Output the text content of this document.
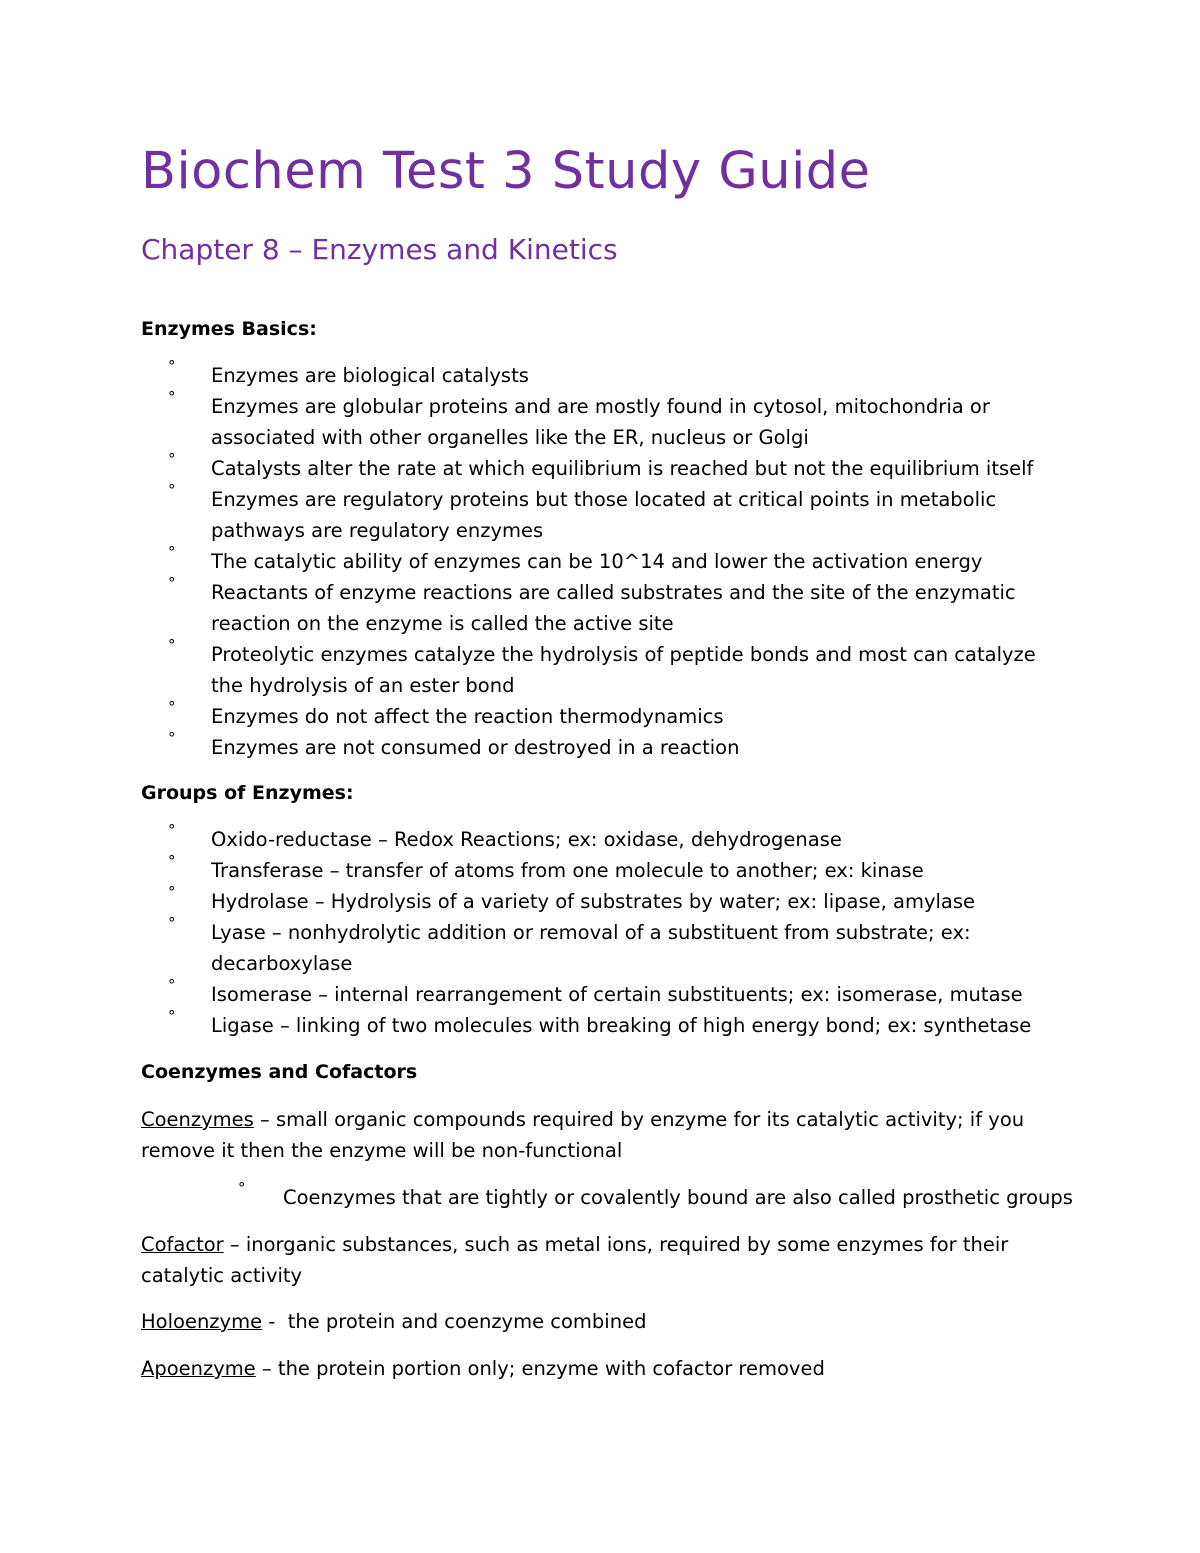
Biochem Test 3 Study Guide
Chapter 8 – Enzymes and Kinetics
Enzymes Basics:
° Enzymes are biological catalysts
° Enzymes are globular proteins and are mostly found in cytosol, mitochondria or associated with other organelles like the ER, nucleus or Golgi
° Catalysts alter the rate at which equilibrium is reached but not the equilibrium itself
° Enzymes are regulatory proteins but those located at critical points in metabolic pathways are regulatory enzymes
° The catalytic ability of enzymes can be 10^14 and lower the activation energy
° Reactants of enzyme reactions are called substrates and the site of the enzymatic reaction on the enzyme is called the active site
° Proteolytic enzymes catalyze the hydrolysis of peptide bonds and most can catalyze the hydrolysis of an ester bond
° Enzymes do not affect the reaction thermodynamics
° Enzymes are not consumed or destroyed in a reaction
Groups of Enzymes:
° Oxido-reductase – Redox Reactions; ex: oxidase, dehydrogenase
° Transferase – transfer of atoms from one molecule to another; ex: kinase
° Hydrolase – Hydrolysis of a variety of substrates by water; ex: lipase, amylase
° Lyase – nonhydrolytic addition or removal of a substituent from substrate; ex: decarboxylase
° Isomerase – internal rearrangement of certain substituents; ex: isomerase, mutase
° Ligase – linking of two molecules with breaking of high energy bond; ex: synthetase
Coenzymes and Cofactors
Coenzymes – small organic compounds required by enzyme for its catalytic activity; if you remove it then the enzyme will be non-functional
° Coenzymes that are tightly or covalently bound are also called prosthetic groups
Cofactor – inorganic substances, such as metal ions, required by some enzymes for their catalytic activity
Holoenzyme -  the protein and coenzyme combined
Apoenzyme – the protein portion only; enzyme with cofactor removed
